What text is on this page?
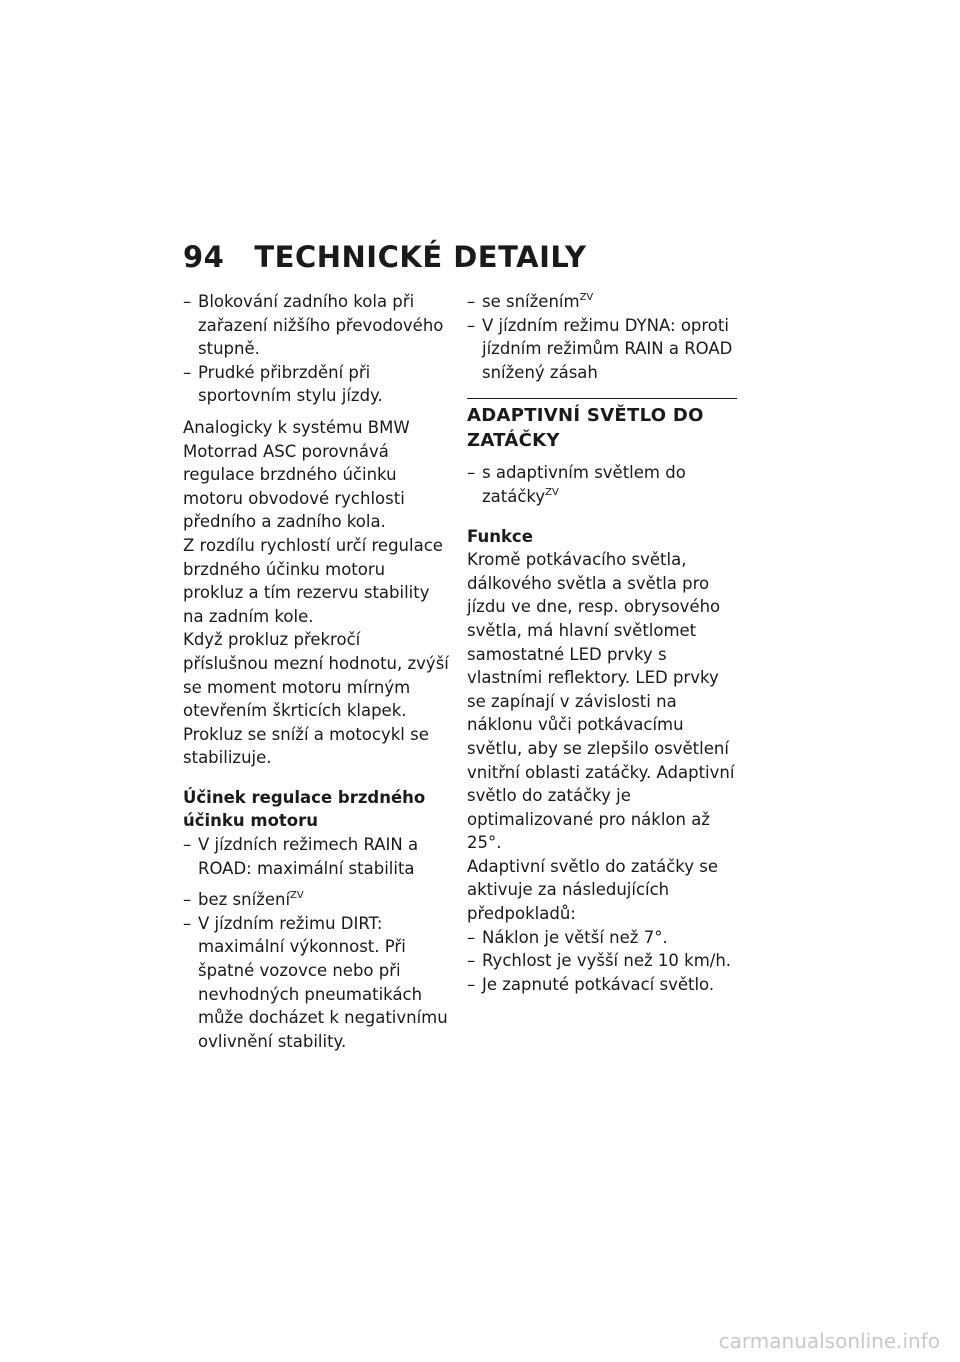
94 TECHNICKÉ DETAILY
– Blokování zadního kola při zařazení nižšího převodového stupně.
– Prudké přibrzdění při sportovním stylu jízdy.

Analogicky k systému BMW Motorrad ASC porovnává regulace brzdného účinku motoru obvodové rychlosti předního a zadního kola.

Z rozdílu rychlostí určí regulace brzdného účinku motoru prokluz a tím rezervu stability na zadním kole.

Když prokluz překročí příslušnou mezní hodnotu, zvýší se moment motoru mírným otevřením škrticích klapek. Prokluz se sníží a motocykl se stabilizuje.

Účinek regulace brzdného účinku motoru
– V jízdních režimech RAIN a ROAD: maximální stabilita
– bez snížení$^{ZV}$
– V jízdním režimu DIRT: maximální výkonnost. Při špatné vozovce nebo při nevhodných pneumatikách může docházet k negativnímu ovlivnění stability.
– se snížením$^{ZV}$
– V jízdním režimu DYNA: oproti jízdním režimům RAIN a ROAD snížený zásah
ADAPTIVNÍ SVĚTLO DO ZATÁČKY
– s adaptivním světlem do zatáčky$^{ZV}$
Funkce

Kromě potkávacího světla, dálkového světla a světla pro jízdu ve dne, resp. obrysového světla, má hlavní světlomet samostatné LED prvky s vlastními reflektory. LED prvky se zapínají v závislosti na náklonu vůči potkávacímu světlu, aby se zlepšilo osvětlení vnitřní oblasti zatáčky. Adaptivní světlo do zatáčky je optimalizované pro náklon až 25°.

Adaptivní světlo do zatáčky se aktivuje za následujících předpokladů:

– Náklon je větší než 7°.
– Rychlost je vyšší než 10 km/h.
– Je zapnuté potkávací světlo.
carmanualsonline.info
